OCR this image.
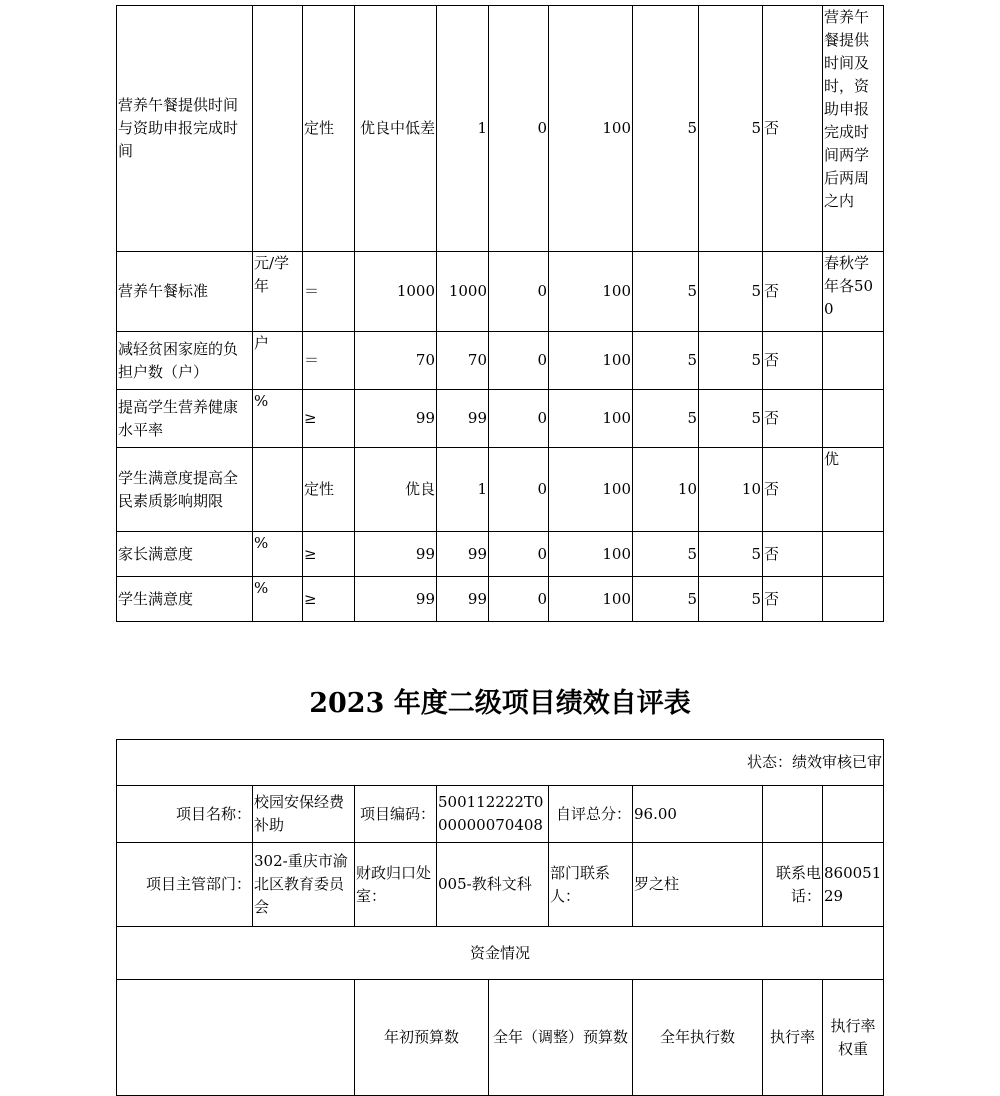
营养午餐提供时间与资助申报完成时间		定性	优良中低差	1	0	100	5	5	否	营养午餐提供时间及时，资助申报完成时间两学后两周之内
营养午餐标准	元/学年	＝	1000	1000	0	100	5	5	否	春秋学年各500
减轻贫困家庭的负担户数（户）	户	＝	70	70	0	100	5	5	否	
提高学生营养健康水平率	%	≥	99	99	0	100	5	5	否	
学生满意度提高全民素质影响期限		定性	优良	1	0	100	10	10	否	优
家长满意度	%	≥	99	99	0	100	5	5	否	
学生满意度	%	≥	99	99	0	100	5	5	否	
2023 年度二级项目绩效自评表
状态：绩效审核已审									
项目名称：	校园安保经费补助	项目编码：	500112222T000000070408		自评总分：	96.00			
项目主管部门：	302-重庆市渝北区教育委员会	财政归口处室：	005-教科文科		部门联系人：	罗之柱	联系电话：	86005129	
资金情况									
		年初预算数		全年（调整）预算数		全年执行数	执行率	执行率权重	
